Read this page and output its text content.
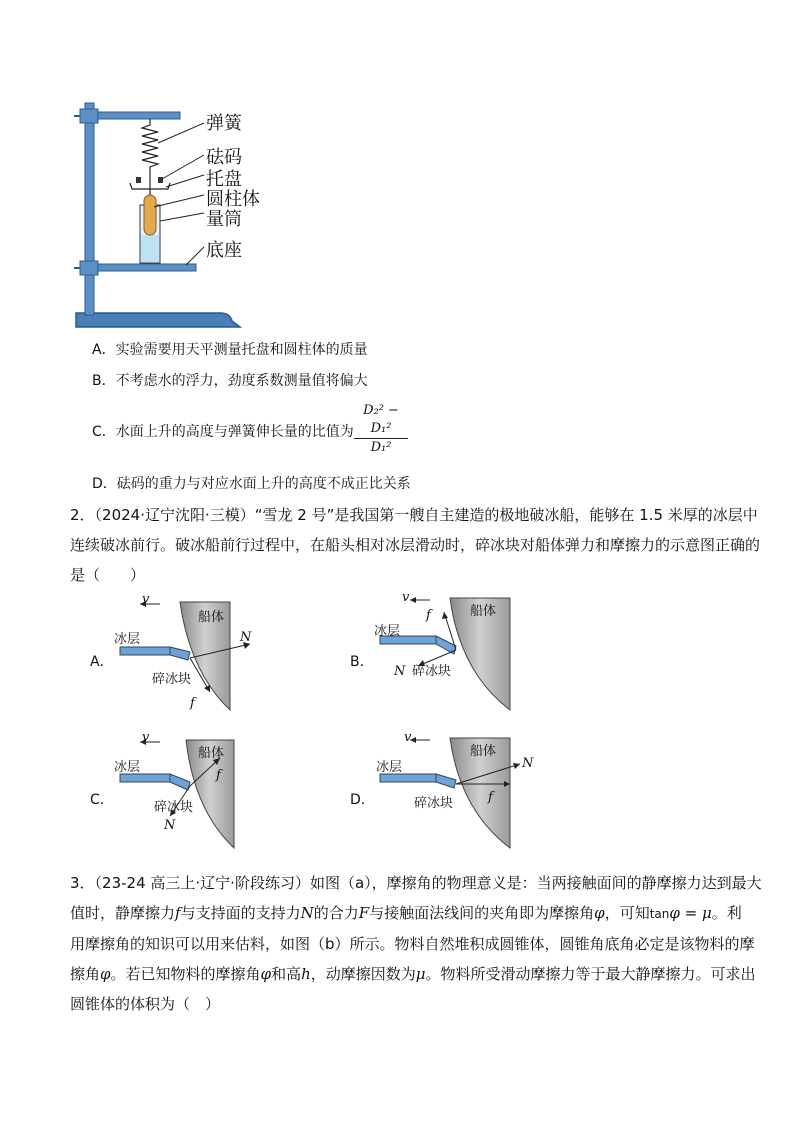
弹簧
砝码
托盘
圆柱体
量筒
底座
A．实验需要用天平测量托盘和圆柱体的质量
B．不考虑水的浮力，劲度系数测量值将偏大
C．水面上升的高度与弹簧伸长量的比值为 $\frac{\text{D₂² − D₁²}}{\text{D₁²}}$
D．砝码的重力与对应水面上升的高度不成正比关系
2．（2024·辽宁沈阳·三模）“雪龙 2 号”是我国第一艘自主建造的极地破冰船，能够在 1.5 米厚的冰层中
连续破冰前行。破冰船前行过程中，在船头相对冰层滑动时，碎冰块对船体弹力和摩擦力的示意图正确的
是（　　）
A．
v
船体
冰层	N
碎冰块
f
B．
v
船体
冰层
f
N 碎冰块
C．
v
船体
冰层
f
碎冰块
N
D．
v
船体
冰层	N
碎冰块	f
3．（23-24 高三上·辽宁·阶段练习）如图（a），摩擦角的物理意义是：当两接触面间的静摩擦力达到最大
值时，静摩擦力f与支持面的支持力N的合力F与接触面法线间的夹角即为摩擦角φ，可知tanφ = μ。利
用摩擦角的知识可以用来估料，如图（b）所示。物料自然堆积成圆锥体，圆锥角底角必定是该物料的摩
擦角φ。若已知物料的摩擦角φ和高h，动摩擦因数为μ。物料所受滑动摩擦力等于最大静摩擦力。可求出
圆锥体的体积为（　）
